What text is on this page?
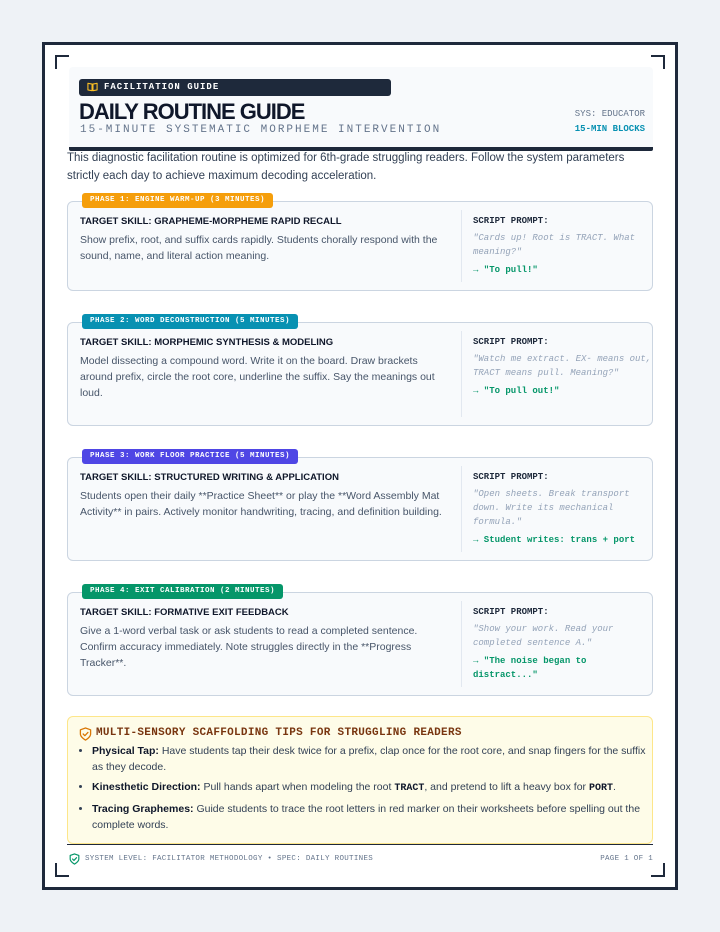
FACILITATION GUIDE
DAILY ROUTINE GUIDE
15-MINUTE SYSTEMATIC MORPHEME INTERVENTION
SYS: EDUCATOR
15-MIN BLOCKS
This diagnostic facilitation routine is optimized for 6th-grade struggling readers. Follow the system parameters strictly each day to achieve maximum decoding acceleration.
PHASE 1: ENGINE WARM-UP (3 MINUTES)
TARGET SKILL: GRAPHEME-MORPHEME RAPID RECALL
Show prefix, root, and suffix cards rapidly. Students chorally respond with the sound, name, and literal action meaning.
SCRIPT PROMPT:
"Cards up! Root is TRACT. What meaning?"
→ "To pull!"
PHASE 2: WORD DECONSTRUCTION (5 MINUTES)
TARGET SKILL: MORPHEMIC SYNTHESIS & MODELING
Model dissecting a compound word. Write it on the board. Draw brackets around prefix, circle the root core, underline the suffix. Say the meanings out loud.
SCRIPT PROMPT:
"Watch me extract. EX- means out, TRACT means pull. Meaning?"
→ "To pull out!"
PHASE 3: WORK FLOOR PRACTICE (5 MINUTES)
TARGET SKILL: STRUCTURED WRITING & APPLICATION
Students open their daily **Practice Sheet** or play the **Word Assembly Mat Activity** in pairs. Actively monitor handwriting, tracing, and definition building.
SCRIPT PROMPT:
"Open sheets. Break transport down. Write its mechanical formula."
→ Student writes: trans + port
PHASE 4: EXIT CALIBRATION (2 MINUTES)
TARGET SKILL: FORMATIVE EXIT FEEDBACK
Give a 1-word verbal task or ask students to read a completed sentence. Confirm accuracy immediately. Note struggles directly in the **Progress Tracker**.
SCRIPT PROMPT:
"Show your work. Read your completed sentence A."
→ "The noise began to distract..."
MULTI-SENSORY SCAFFOLDING TIPS FOR STRUGGLING READERS
• Physical Tap: Have students tap their desk twice for a prefix, clap once for the root core, and snap fingers for the suffix as they decode.
• Kinesthetic Direction: Pull hands apart when modeling the root TRACT, and pretend to lift a heavy box for PORT.
• Tracing Graphemes: Guide students to trace the root letters in red marker on their worksheets before spelling out the complete words.
SYSTEM LEVEL: FACILITATOR METHODOLOGY • SPEC: DAILY ROUTINES	PAGE 1 OF 1
